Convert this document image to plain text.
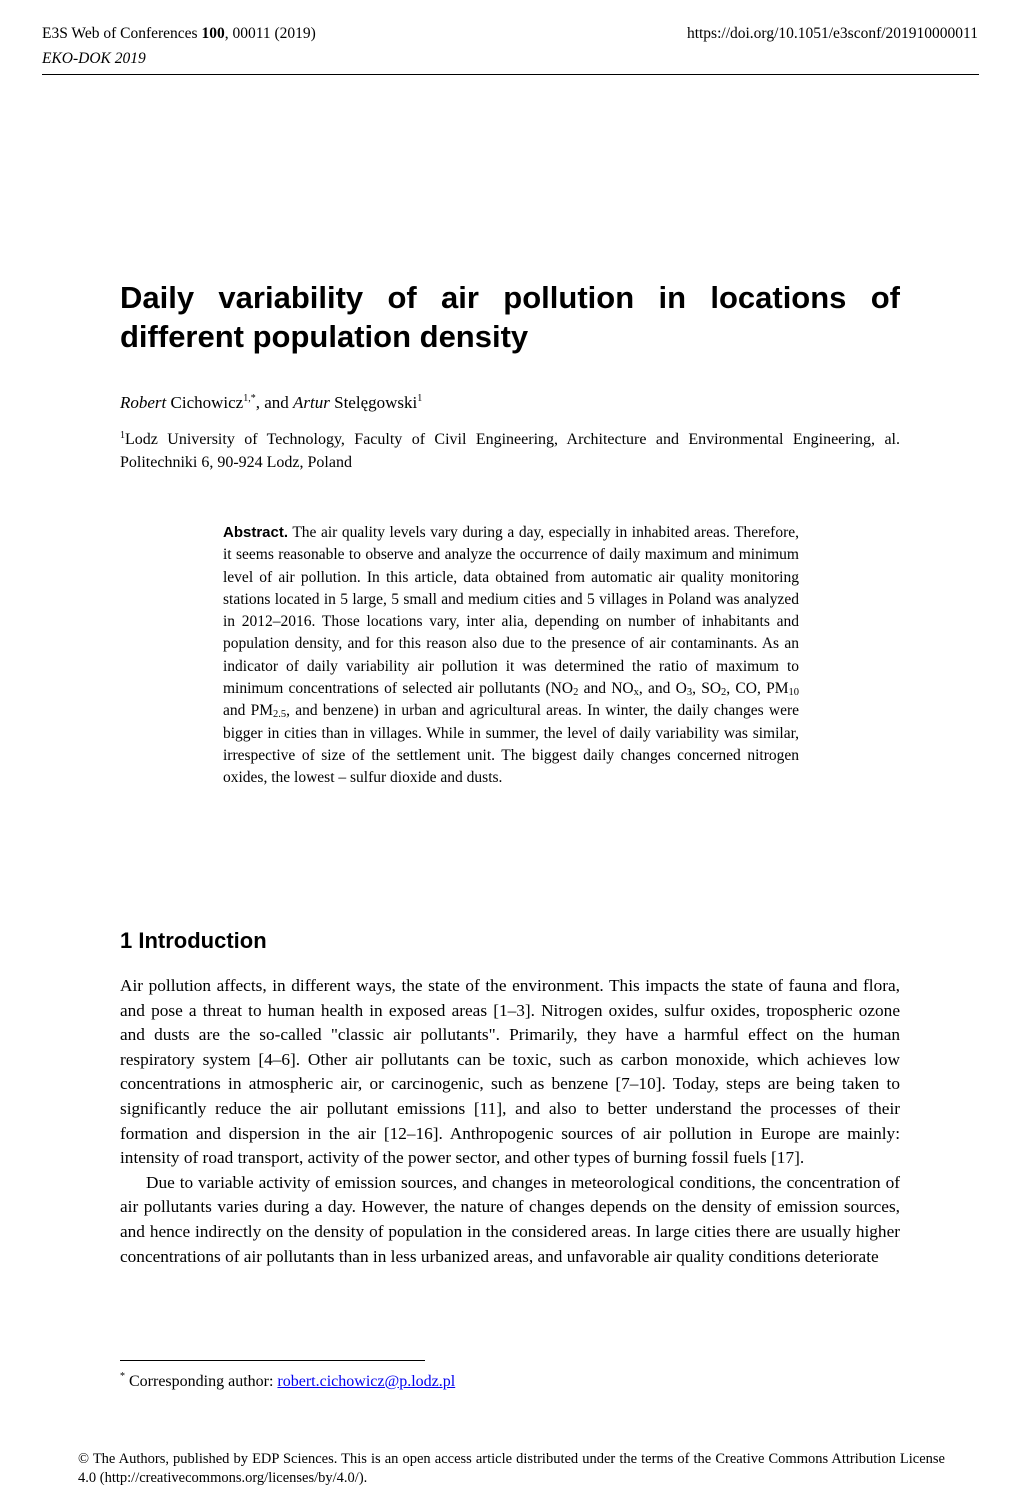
E3S Web of Conferences 100, 00011 (2019)	https://doi.org/10.1051/e3sconf/201910000011
EKO-DOK 2019
Daily variability of air pollution in locations of different population density
Robert Cichowicz$^{1,*}$, and Artur Stelęgowski$^1$
$^1$Lodz University of Technology, Faculty of Civil Engineering, Architecture and Environmental Engineering, al. Politechniki 6, 90-924 Lodz, Poland
Abstract. The air quality levels vary during a day, especially in inhabited areas. Therefore, it seems reasonable to observe and analyze the occurrence of daily maximum and minimum level of air pollution. In this article, data obtained from automatic air quality monitoring stations located in 5 large, 5 small and medium cities and 5 villages in Poland was analyzed in 2012–2016. Those locations vary, inter alia, depending on number of inhabitants and population density, and for this reason also due to the presence of air contaminants. As an indicator of daily variability air pollution it was determined the ratio of maximum to minimum concentrations of selected air pollutants ($NO_2$ and $NO_x$, and $O_3$, $SO_2$, CO, $PM_{10}$ and $PM_{2.5}$, and benzene) in urban and agricultural areas. In winter, the daily changes were bigger in cities than in villages. While in summer, the level of daily variability was similar, irrespective of size of the settlement unit. The biggest daily changes concerned nitrogen oxides, the lowest – sulfur dioxide and dusts.
1 Introduction

Air pollution affects, in different ways, the state of the environment. This impacts the state of fauna and flora, and pose a threat to human health in exposed areas [1–3]. Nitrogen oxides, sulfur oxides, tropospheric ozone and dusts are the so-called "classic air pollutants". Primarily, they have a harmful effect on the human respiratory system [4–6]. Other air pollutants can be toxic, such as carbon monoxide, which achieves low concentrations in atmospheric air, or carcinogenic, such as benzene [7–10]. Today, steps are being taken to significantly reduce the air pollutant emissions [11], and also to better understand the processes of their formation and dispersion in the air [12–16]. Anthropogenic sources of air pollution in Europe are mainly: intensity of road transport, activity of the power sector, and other types of burning fossil fuels [17].

Due to variable activity of emission sources, and changes in meteorological conditions, the concentration of air pollutants varies during a day. However, the nature of changes depends on the density of emission sources, and hence indirectly on the density of population in the considered areas. In large cities there are usually higher concentrations of air pollutants than in less urbanized areas, and unfavorable air quality conditions deteriorate

* Corresponding author: robert.cichowicz@p.lodz.pl
© The Authors, published by EDP Sciences. This is an open access article distributed under the terms of the Creative Commons Attribution License 4.0 (http://creativecommons.org/licenses/by/4.0/).
